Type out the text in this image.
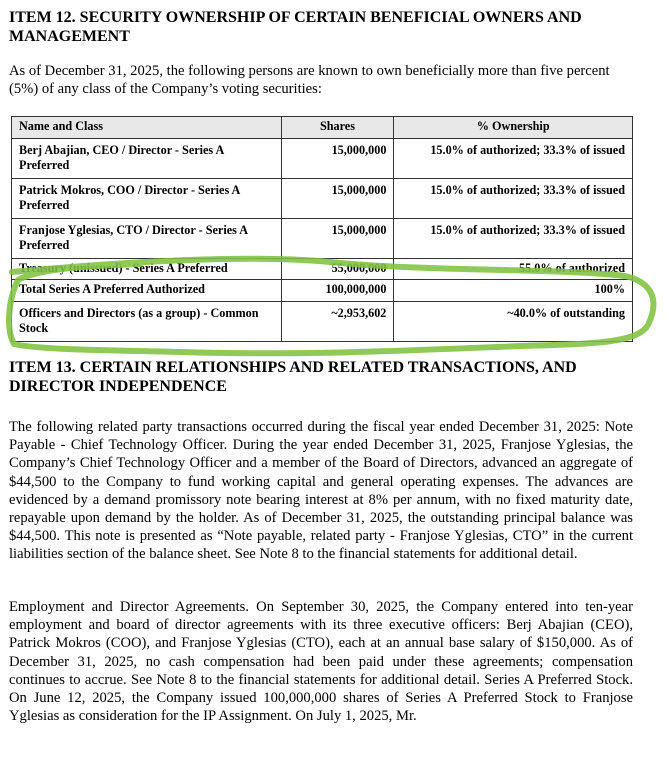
ITEM 12. SECURITY OWNERSHIP OF CERTAIN BENEFICIAL OWNERS AND MANAGEMENT

As of December 31, 2025, the following persons are known to own beneficially more than five percent (5%) of any class of the Company’s voting securities:

Name and Class	Shares	% Ownership
Berj Abajian, CEO / Director - Series A Preferred	15,000,000	15.0% of authorized; 33.3% of issued
Patrick Mokros, COO / Director - Series A Preferred	15,000,000	15.0% of authorized; 33.3% of issued
Franjose Yglesias, CTO / Director - Series A Preferred	15,000,000	15.0% of authorized; 33.3% of issued
Treasury (unissued) - Series A Preferred	55,000,000	55.0% of authorized
Total Series A Preferred Authorized	100,000,000	100%
Officers and Directors (as a group) - Common Stock	~2,953,602	~40.0% of outstanding
ITEM 13. CERTAIN RELATIONSHIPS AND RELATED TRANSACTIONS, AND DIRECTOR INDEPENDENCE

The following related party transactions occurred during the fiscal year ended December 31, 2025: Note Payable - Chief Technology Officer. During the year ended December 31, 2025, Franjose Yglesias, the Company’s Chief Technology Officer and a member of the Board of Directors, advanced an aggregate of $44,500 to the Company to fund working capital and general operating expenses. The advances are evidenced by a demand promissory note bearing interest at 8% per annum, with no fixed maturity date, repayable upon demand by the holder. As of December 31, 2025, the outstanding principal balance was $44,500. This note is presented as “Note payable, related party - Franjose Yglesias, CTO” in the current liabilities section of the balance sheet. See Note 8 to the financial statements for additional detail.

Employment and Director Agreements. On September 30, 2025, the Company entered into ten-year employment and board of director agreements with its three executive officers: Berj Abajian (CEO), Patrick Mokros (COO), and Franjose Yglesias (CTO), each at an annual base salary of $150,000. As of December 31, 2025, no cash compensation had been paid under these agreements; compensation continues to accrue. See Note 8 to the financial statements for additional detail. Series A Preferred Stock. On June 12, 2025, the Company issued 100,000,000 shares of Series A Preferred Stock to Franjose Yglesias as consideration for the IP Assignment. On July 1, 2025, Mr.
